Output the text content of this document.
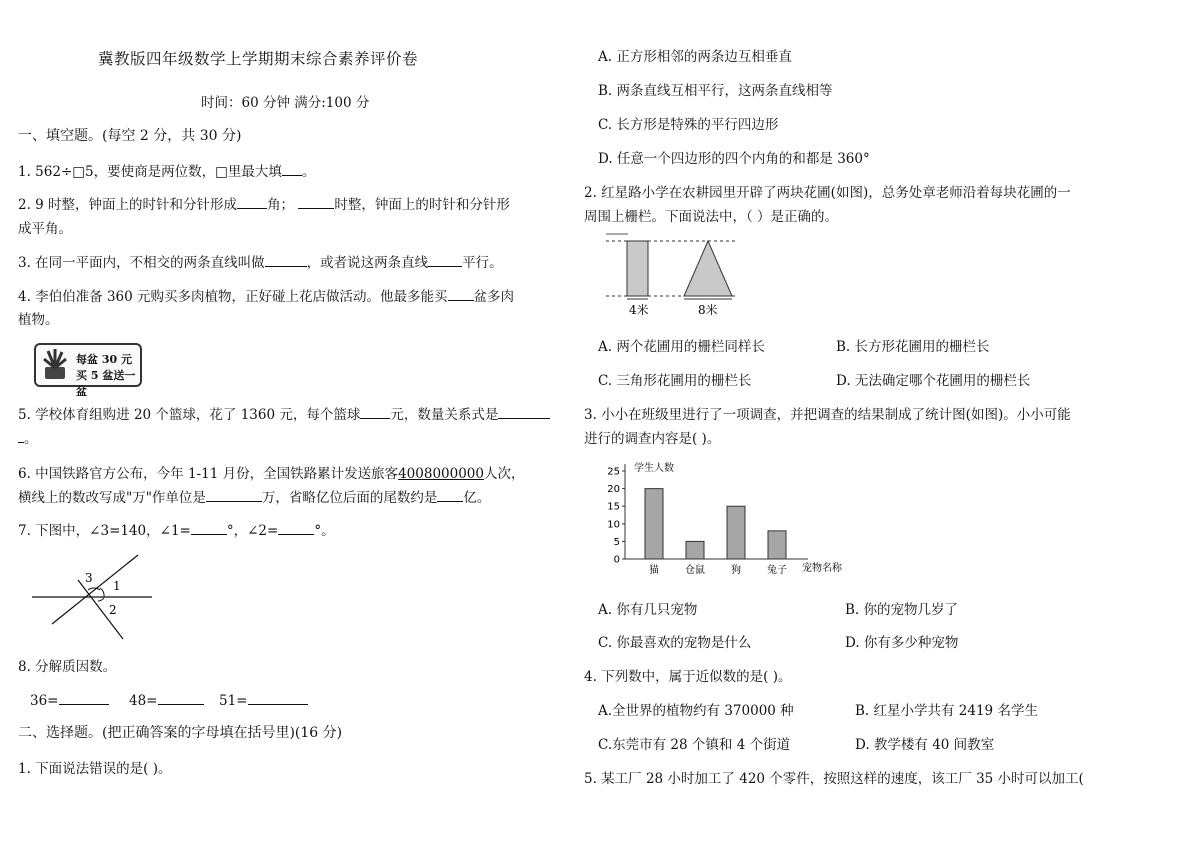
冀教版四年级数学上学期期末综合素养评价卷
时间：60 分钟 满分:100 分
一、填空题。(每空 2 分，共 30 分)
1. 562÷□5，要使商是两位数，□里最大填 。
2. 9 时整，钟面上的时针和分针形成 角；	时整，钟面上的时针和分针形
成平角。
3. 在同一平面内，不相交的两条直线叫做	，或者说这两条直线	平行。
4. 李伯伯准备 360 元购买多肉植物，正好碰上花店做活动。他最多能买 盆多肉
植物。
每盆 30 元
买 5 盆送一盆
5. 学校体育组购进 20 个篮球，花了 1360 元，每个篮球 元，数量关系式是
。
6. 中国铁路官方公布，今年 1-11 月份，全国铁路累计发送旅客4008000000人次，
横线上的数改写成"万"作单位是	万，省略亿位后面的尾数约是 亿。
7. 下图中，∠3=140，∠1=	°，∠2=	°。
3
1
2
8. 分解质因数。
36=	48=	51=
二、选择题。(把正确答案的字母填在括号里)(16 分)
1. 下面说法错误的是( )。
A. 正方形相邻的两条边互相垂直
B. 两条直线互相平行，这两条直线相等
C. 长方形是特殊的平行四边形
D. 任意一个四边形的四个内角的和都是 360°
2. 红星路小学在农耕园里开辟了两块花圃(如图)，总务处章老师沿着每块花圃的一
周围上栅栏。下面说法中，（ ）是正确的。
4米	8米
A. 两个花圃用的栅栏同样长	B. 长方形花圃用的栅栏长
C. 三角形花圃用的栅栏长	D. 无法确定哪个花圃用的栅栏长
3. 小小在班级里进行了一项调查，并把调查的结果制成了统计图(如图)。小小可能
进行的调查内容是( )。
学生人数
宠物名称
0
5
10
15
20
25
猫	仓鼠	狗	兔子
A. 你有几只宠物	B. 你的宠物几岁了
C. 你最喜欢的宠物是什么	D. 你有多少种宠物
4. 下列数中，属于近似数的是( )。
A.全世界的植物约有 370000 种	B. 红星小学共有 2419 名学生
C.东莞市有 28 个镇和 4 个街道	D. 教学楼有 40 间教室
5. 某工厂 28 小时加工了 420 个零件，按照这样的速度，该工厂 35 小时可以加工(
